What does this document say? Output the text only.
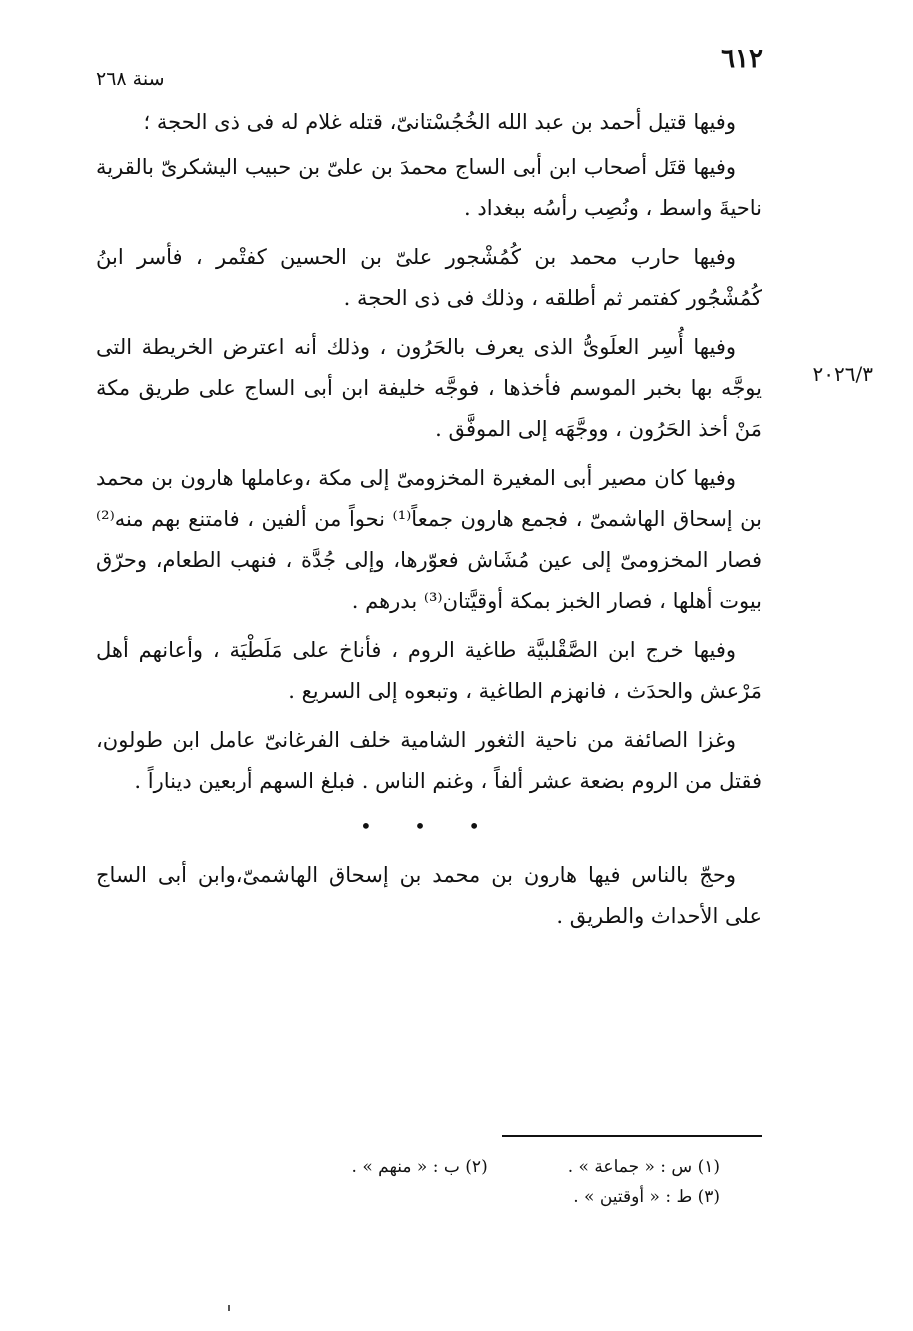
٦١٢
سنة ٢٦٨

وفيها قتيل أحمد بن عبد الله الخُجُسْتانىّ، قتله غلام له فى ذى الحجة ؛

وفيها قتَل أصحاب ابن أبى الساج محمدَ بن علىّ بن حبيب اليشكرىّ بالقرية ناحيةَ واسط ، ونُصِب رأسُه ببغداد .

وفيها حارب محمد بن كُمُشْجور علىّ بن الحسين كفتْمر ، فأسر ابنُ كُمُشْجُور كفتمر ثم أطلقه ، وذلك فى ذى الحجة .

وفيها أُسِر العلَوىُّ الذى يعرف بالحَرُون ، وذلك أنه اعترض الخريطة التى يوجَّه بها بخبر الموسم فأخذها ، فوجَّه خليفة ابن أبى الساج على طريق مكة مَنْ أخذ الحَرُون ، ووجَّهَه إلى الموفَّق .

وفيها كان مصير أبى المغيرة المخزومىّ إلى مكة ،وعاملها هارون بن محمد بن إسحاق الهاشمىّ ، فجمع هارون جمعاً⁽¹⁾ نحواً من ألفين ، فامتنع بهم منه⁽²⁾ فصار المخزومىّ إلى عين مُشَاش فعوّرها، وإلى جُدَّة ، فنهب الطعام، وحرّق بيوت أهلها ، فصار الخبز بمكة أوقيَّتان⁽³⁾ بدرهم .

وفيها خرج ابن الصَّقْلبيَّة طاغية الروم ، فأناخ على مَلَطْيَة ، وأعانهم أهل مَرْعش والحدَث ، فانهزم الطاغية ، وتبعوه إلى السريع .

وغزا الصائفة من ناحية الثغور الشامية خلف الفرغانىّ عامل ابن طولون، فقتل من الروم بضعة عشر ألفاً ، وغنم الناس . فبلغ السهم أربعين ديناراً .

• • •

وحجّ بالناس فيها هارون بن محمد بن إسحاق الهاشمىّ،وابن أبى الساج على الأحداث والطريق .

٢٠٢٦/٣
(١) س : « جماعة » .
(٢) ب : « منهم » .
(٣) ط : « أوقتين » .
